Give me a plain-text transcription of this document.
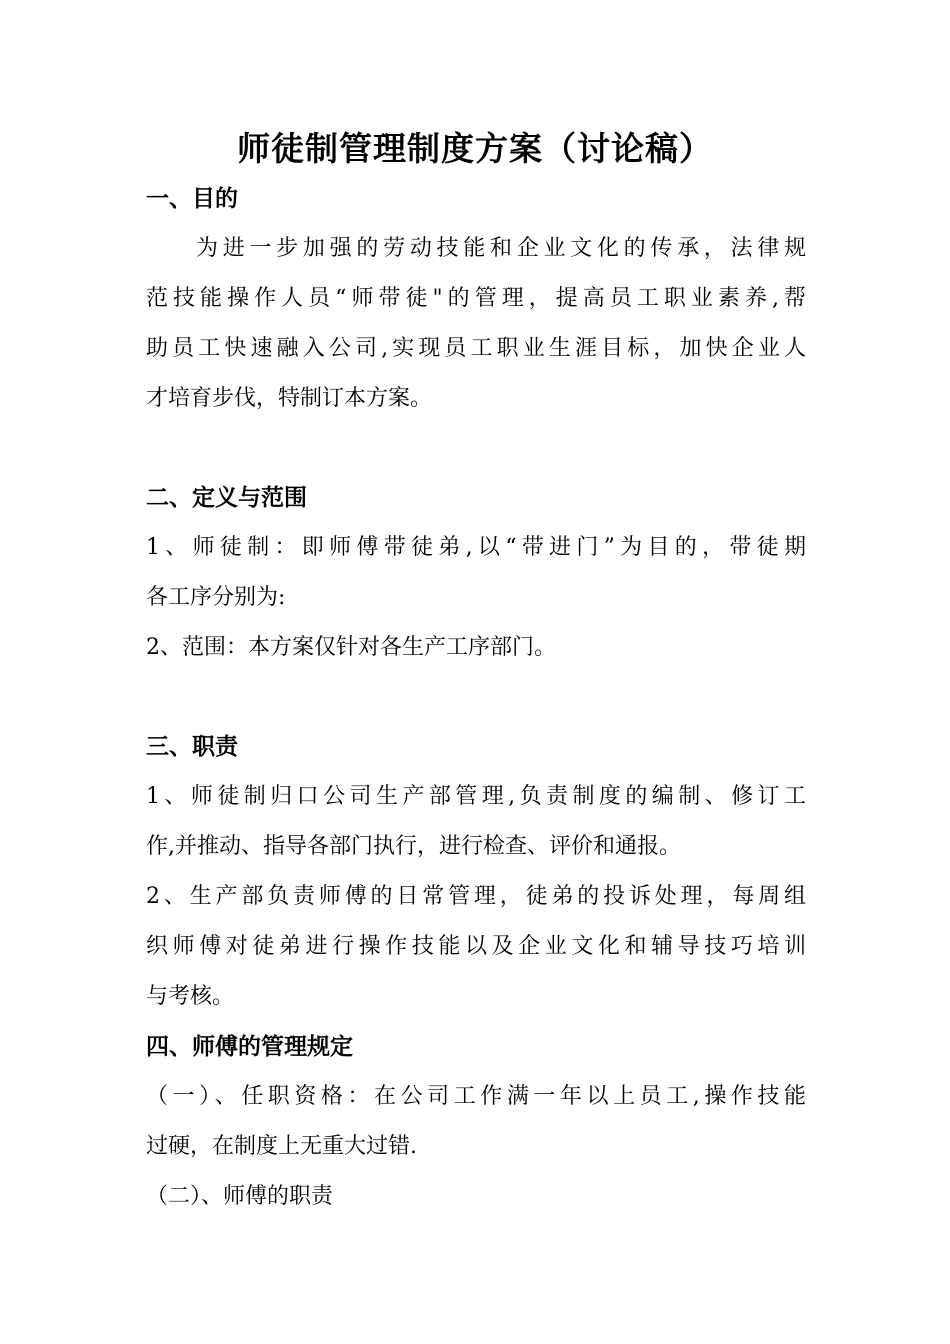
师徒制管理制度方案（讨论稿）
一、目的
为进一步加强的劳动技能和企业文化的传承，法律规
范技能操作人员“师带徒"的管理，提高员工职业素养,帮
助员工快速融入公司,实现员工职业生涯目标，加快企业人
才培育步伐，特制订本方案。
二、定义与范围
1、师徒制：即师傅带徒弟,以“带进门”为目的，带徒期
各工序分别为:
2、范围：本方案仅针对各生产工序部门。
三、职责
1、师徒制归口公司生产部管理,负责制度的编制、修订工
作,并推动、指导各部门执行，进行检查、评价和通报。
2、生产部负责师傅的日常管理，徒弟的投诉处理，每周组
织师傅对徒弟进行操作技能以及企业文化和辅导技巧培训
与考核。
四、师傅的管理规定
（一）、任职资格：在公司工作满一年以上员工,操作技能
过硬，在制度上无重大过错.
（二）、师傅的职责
